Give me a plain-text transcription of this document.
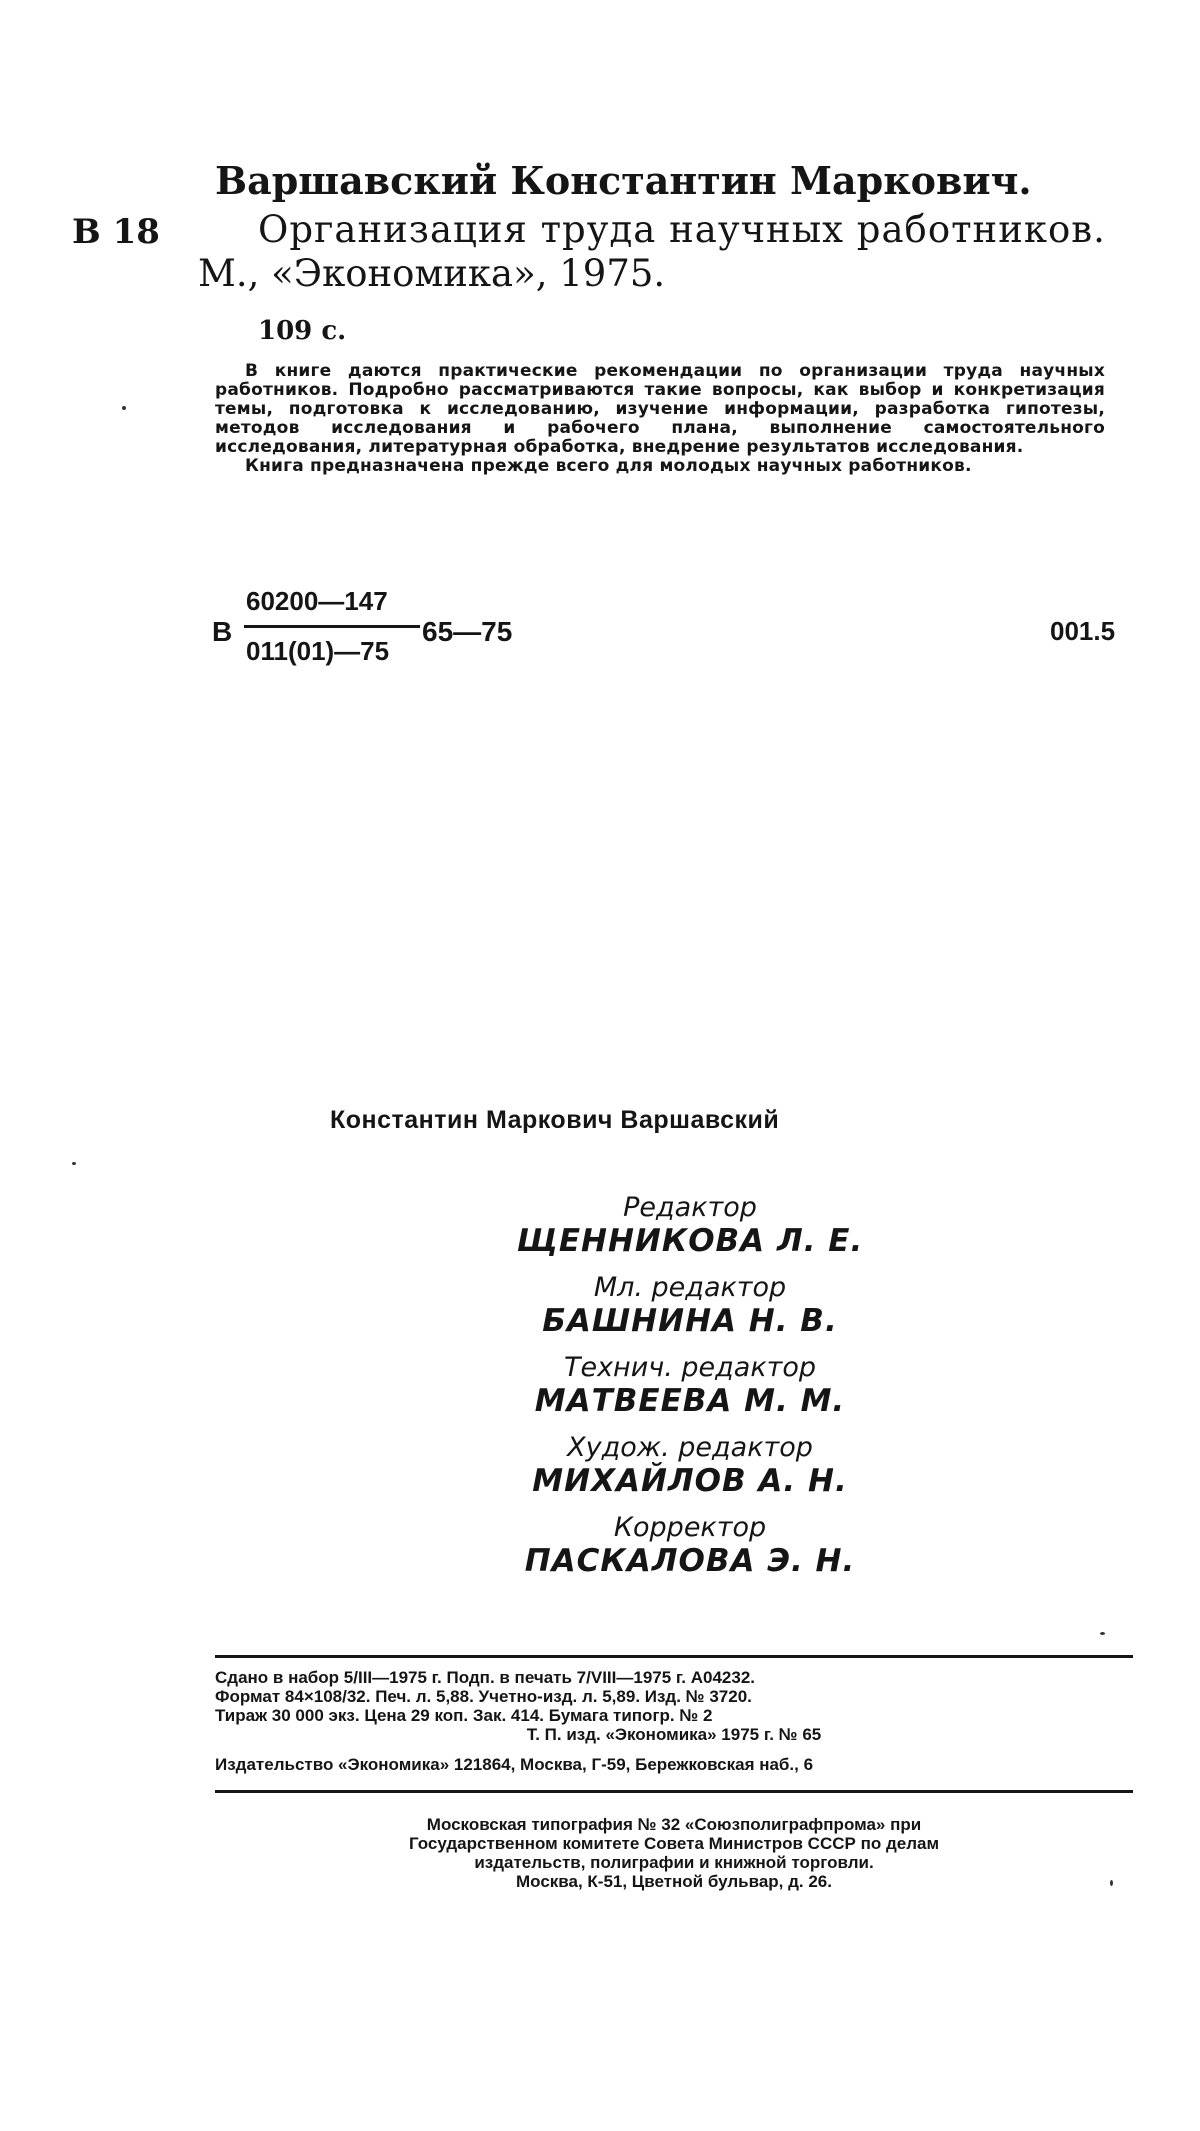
Варшавский Константин Маркович.
В 18	Организация труда научных работников.
М., «Экономика», 1975.
109 с.

В книге даются практические рекомендации по организации труда научных работников. Подробно рассматриваются такие вопросы, как выбор и конкретизация темы, подготовка к исследованию, изучение информации, разработка гипотезы, методов исследования и рабочего плана, выполнение самостоятельного исследования, литературная обработка, внедрение результатов исследования.

Книга предназначена прежде всего для молодых научных работников.

В
60200—147
011(01)—75
65—75	001.5
Константин Маркович Варшавский
Редактор
ЩЕННИКОВА Л. Е.
Мл. редактор
БАШНИНА Н. В.
Технич. редактор
МАТВЕЕВА М. М.
Худож. редактор
МИХАЙЛОВ А. Н.
Корректор
ПАСКАЛОВА Э. Н.
Сдано в набор 5/III—1975 г. Подп. в печать 7/VIII—1975 г. А04232.
Формат 84×108/32. Печ. л. 5,88. Учетно-изд. л. 5,89. Изд. № 3720.
Тираж 30 000 экз. Цена 29 коп. Зак. 414. Бумага типогр. № 2
Т. П. изд. «Экономика» 1975 г. № 65
Издательство «Экономика» 121864, Москва, Г-59, Бережковская наб., 6
Московская типография № 32 «Союзполиграфпрома» при
Государственном комитете Совета Министров СССР по делам
издательств, полиграфии и книжной торговли.
Москва, К-51, Цветной бульвар, д. 26.
